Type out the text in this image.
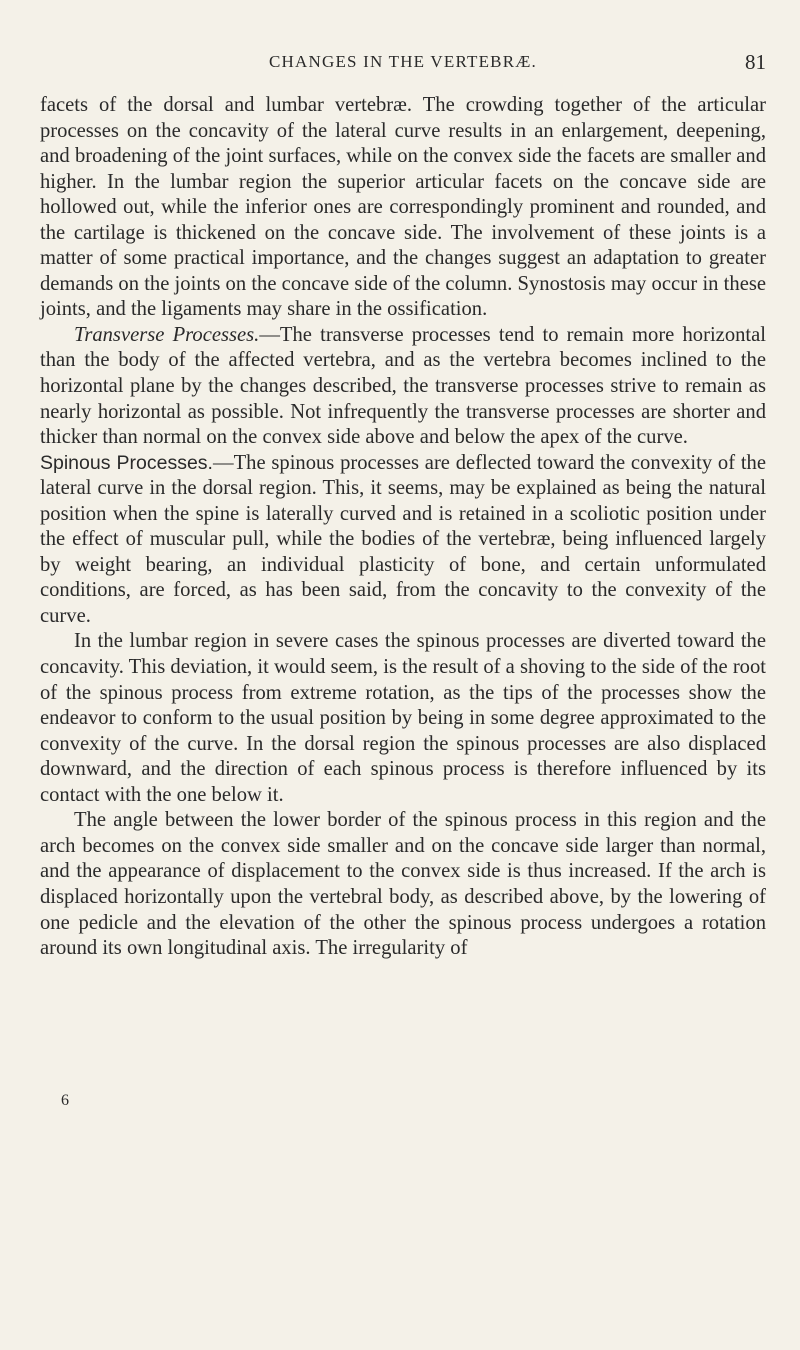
CHANGES IN THE VERTEBRÆ.	81

facets of the dorsal and lumbar vertebræ. The crowding together of the articular processes on the concavity of the lateral curve results in an enlargement, deepening, and broadening of the joint surfaces, while on the convex side the facets are smaller and higher. In the lumbar region the superior articular facets on the concave side are hollowed out, while the inferior ones are correspondingly prominent and rounded, and the cartilage is thickened on the concave side. The involvement of these joints is a matter of some practical importance, and the changes suggest an adaptation to greater demands on the joints on the concave side of the column. Synostosis may occur in these joints, and the ligaments may share in the ossification.

Transverse Processes.—The transverse processes tend to remain more horizontal than the body of the affected vertebra, and as the vertebra becomes inclined to the horizontal plane by the changes described, the transverse processes strive to remain as nearly horizontal as possible. Not infrequently the transverse processes are shorter and thicker than normal on the convex side above and below the apex of the curve.

Spinous Processes.—The spinous processes are deflected toward the convexity of the lateral curve in the dorsal region. This, it seems, may be explained as being the natural position when the spine is laterally curved and is retained in a scoliotic position under the effect of muscular pull, while the bodies of the vertebræ, being influenced largely by weight bearing, an individual plasticity of bone, and certain unformulated conditions, are forced, as has been said, from the concavity to the convexity of the curve.

In the lumbar region in severe cases the spinous processes are diverted toward the concavity. This deviation, it would seem, is the result of a shoving to the side of the root of the spinous process from extreme rotation, as the tips of the processes show the endeavor to conform to the usual position by being in some degree approximated to the convexity of the curve. In the dorsal region the spinous processes are also displaced downward, and the direction of each spinous process is therefore influenced by its contact with the one below it.

The angle between the lower border of the spinous process in this region and the arch becomes on the convex side smaller and on the concave side larger than normal, and the appearance of displacement to the convex side is thus increased. If the arch is displaced horizontally upon the vertebral body, as described above, by the lowering of one pedicle and the elevation of the other the spinous process undergoes a rotation around its own longitudinal axis. The irregularity of

6
